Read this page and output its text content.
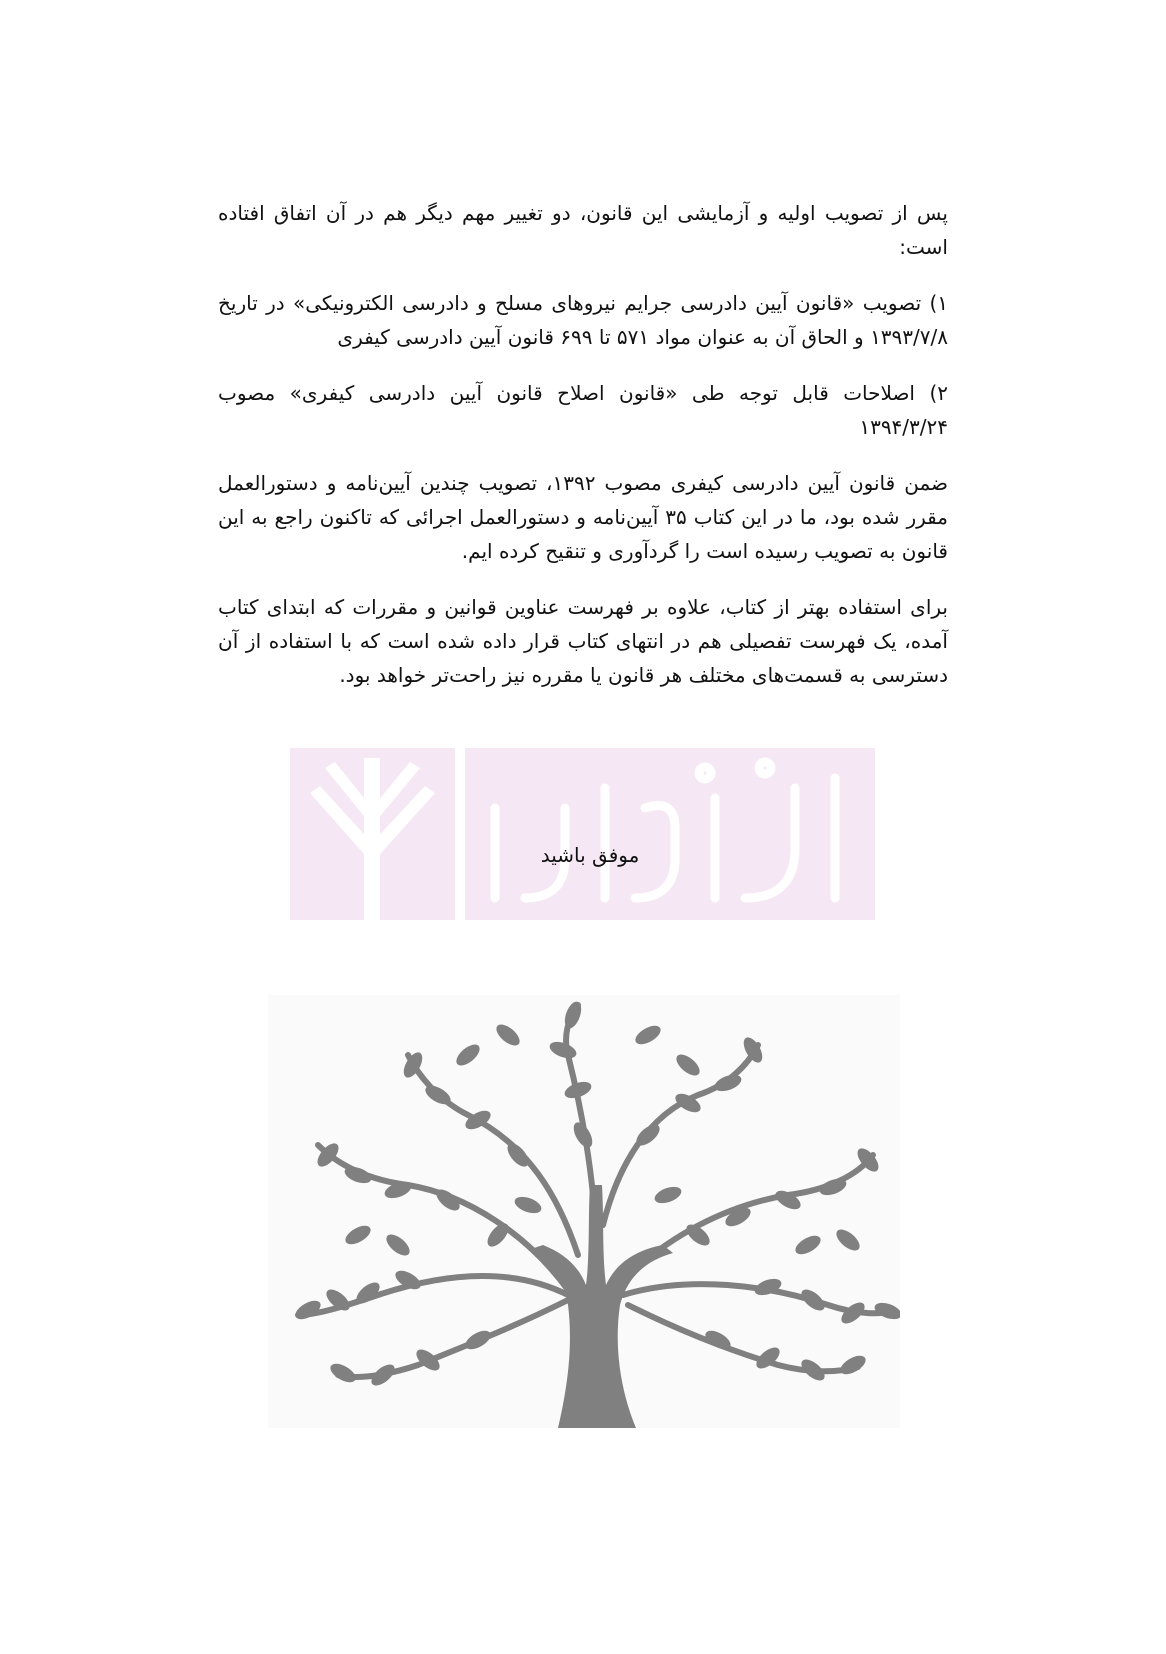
پس از تصویب اولیه و آزمایشی این قانون، دو تغییر مهم دیگر هم در آن اتفاق افتاده است:

۱) تصویب «قانون آیین دادرسی جرایم نیروهای مسلح و دادرسی الکترونیکی» در تاریخ ۱۳۹۳/۷/۸ و الحاق آن به عنوان مواد ۵۷۱ تا ۶۹۹ قانون آیین دادرسی کیفری

۲) اصلاحات قابل توجه طی «قانون اصلاح قانون آیین دادرسی کیفری» مصوب ۱۳۹۴/۳/۲۴

ضمن قانون آیین دادرسی کیفری مصوب ۱۳۹۲، تصویب چندین آیین‌نامه و دستورالعمل مقرر شده بود، ما در این کتاب ۳۵ آیین‌نامه و دستورالعمل اجرائی که تاکنون راجع به این قانون به تصویب رسیده است را گردآوری و تنقیح کرده ایم.

برای استفاده بهتر از کتاب، علاوه بر فهرست عناوین قوانین و مقررات که ابتدای کتاب آمده، یک فهرست تفصیلی هم در انتهای کتاب قرار داده شده است که با استفاده از آن دسترسی به قسمت‌های مختلف هر قانون یا مقرره نیز راحت‌تر خواهد بود.

موفق باشید
